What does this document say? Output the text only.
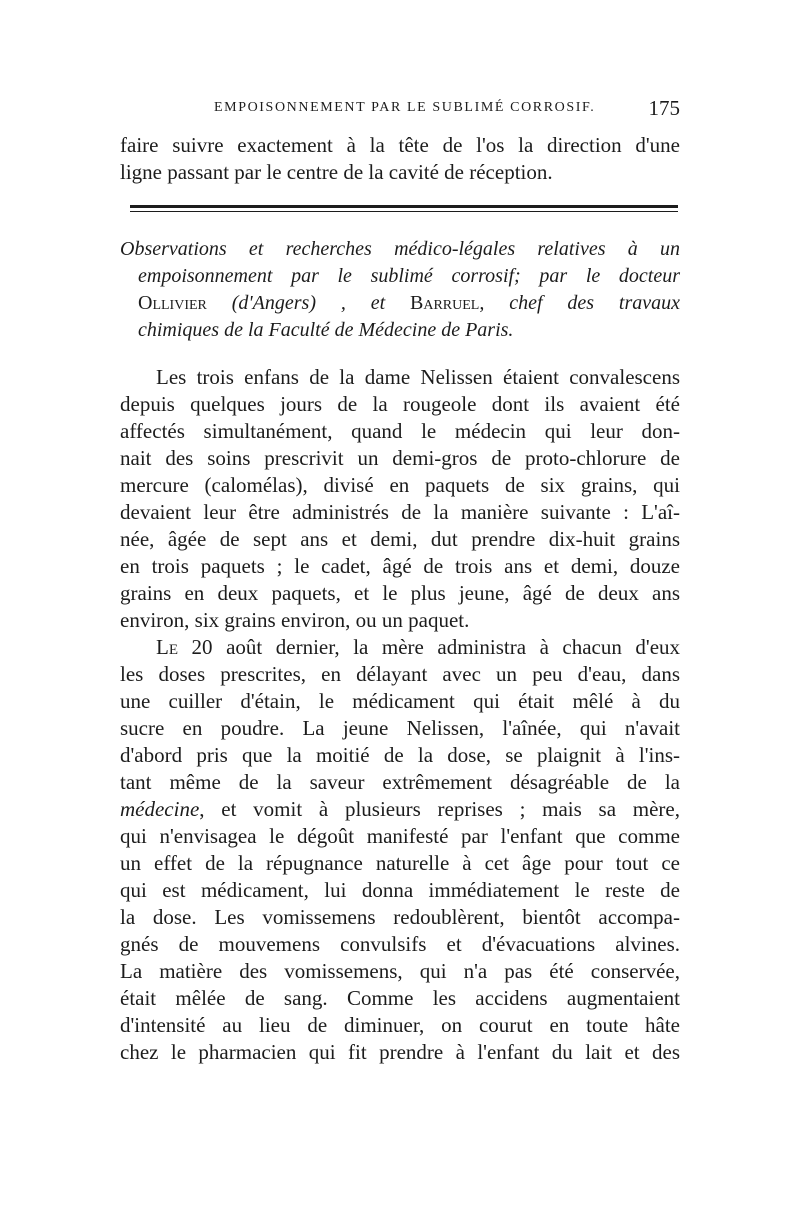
EMPOISONNEMENT PAR LE SUBLIMÉ CORROSIF.	175
faire suivre exactement à la tête de l'os la direction d'une
ligne passant par le centre de la cavité de réception.
Observations et recherches médico-légales relatives à un
empoisonnement par le sublimé corrosif; par le docteur
Ollivier (d'Angers) , et Barruel, chef des travaux
chimiques de la Faculté de Médecine de Paris.
Les trois enfans de la dame Nelissen étaient convalescens
depuis quelques jours de la rougeole dont ils avaient été
affectés simultanément, quand le médecin qui leur don-
nait des soins prescrivit un demi-gros de proto-chlorure de
mercure (calomélas), divisé en paquets de six grains, qui
devaient leur être administrés de la manière suivante : L'aî-
née, âgée de sept ans et demi, dut prendre dix-huit grains
en trois paquets ; le cadet, âgé de trois ans et demi, douze
grains en deux paquets, et le plus jeune, âgé de deux ans
environ, six grains environ, ou un paquet.
Le 20 août dernier, la mère administra à chacun d'eux
les doses prescrites, en délayant avec un peu d'eau, dans
une cuiller d'étain, le médicament qui était mêlé à du
sucre en poudre. La jeune Nelissen, l'aînée, qui n'avait
d'abord pris que la moitié de la dose, se plaignit à l'ins-
tant même de la saveur extrêmement désagréable de la
médecine, et vomit à plusieurs reprises ; mais sa mère,
qui n'envisagea le dégoût manifesté par l'enfant que comme
un effet de la répugnance naturelle à cet âge pour tout ce
qui est médicament, lui donna immédiatement le reste de
la dose. Les vomissemens redoublèrent, bientôt accompa-
gnés de mouvemens convulsifs et d'évacuations alvines.
La matière des vomissemens, qui n'a pas été conservée,
était mêlée de sang. Comme les accidens augmentaient
d'intensité au lieu de diminuer, on courut en toute hâte
chez le pharmacien qui fit prendre à l'enfant du lait et des
